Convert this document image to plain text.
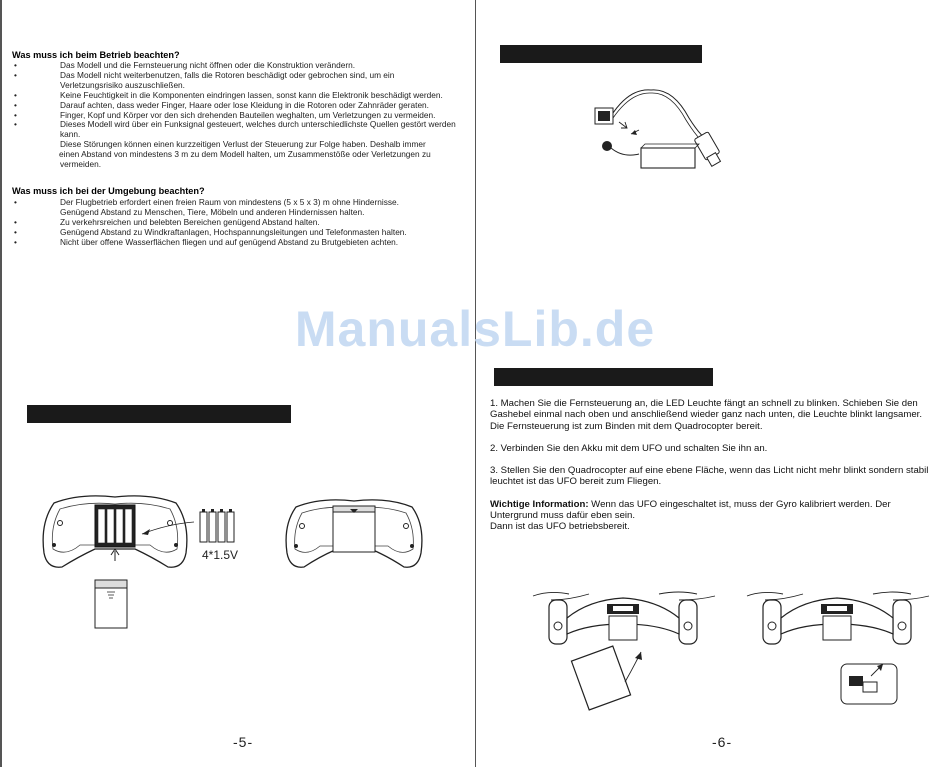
Was muss ich beim Betrieb beachten?
•	Das Modell und die Fernsteuerung nicht öffnen oder die Konstruktion verändern.
•	Das Modell nicht weiterbenutzen, falls die Rotoren beschädigt oder gebrochen sind, um ein Verletzungsrisiko auszuschließen.
•	Keine Feuchtigkeit in die Komponenten eindringen lassen, sonst kann die Elektronik beschädigt werden.
•	Darauf achten, dass weder Finger, Haare oder lose Kleidung in die Rotoren oder Zahnräder geraten.
•	Finger, Kopf und Körper vor den sich drehenden Bauteilen weghalten, um Verletzungen zu vermeiden.
•	Dieses Modell wird über ein Funksignal gesteuert, welches durch unterschiedlichste Quellen gestört werden kann.
Diese Störungen können einen kurzzeitigen Verlust der Steuerung zur Folge haben. Deshalb immer
einen Abstand von mindestens 3 m zu dem Modell halten, um Zusammenstöße oder Verletzungen zu
vermeiden.
Was muss ich bei der Umgebung beachten?
•	Der Flugbetrieb erfordert einen freien Raum von mindestens (5 x 5 x 3) m ohne Hindernisse.
Genügend Abstand zu Menschen, Tiere, Möbeln und anderen Hindernissen halten.
•	Zu verkehrsreichen und belebten Bereichen genügend Abstand halten.
•	Genügend Abstand zu Windkraftanlagen, Hochspannungsleitungen und Telefonmasten halten.
•	Nicht über offene Wasserflächen fliegen und auf genügend Abstand zu Brutgebieten achten.
4*1.5V
-5-

1. Machen Sie die Fernsteuerung an, die LED Leuchte fängt an schnell zu blinken. Schieben Sie den Gashebel einmal nach oben und anschließend wieder ganz nach unten, die Leuchte blinkt langsamer. Die Fernsteuerung ist zum Binden mit dem Quadrocopter bereit.

2. Verbinden Sie den Akku mit dem UFO und schalten Sie ihn an.

3. Stellen Sie den Quadrocopter auf eine ebene Fläche, wenn das Licht nicht mehr blinkt sondern stabil leuchtet ist das UFO bereit zum Fliegen.

Wichtige Information: Wenn das UFO eingeschaltet ist, muss der Gyro kalibriert werden. Der Untergrund muss dafür eben sein.
Dann ist das UFO betriebsbereit.
-6-
ManualsLib.de
